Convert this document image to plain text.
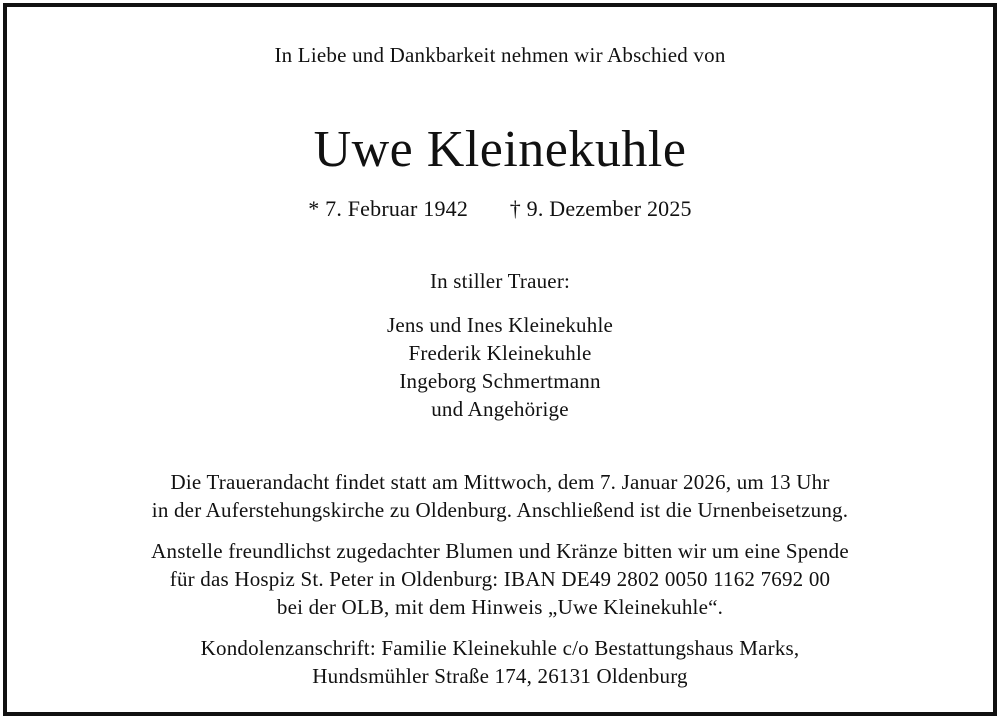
In Liebe und Dankbarkeit nehmen wir Abschied von
Uwe Kleinekuhle
* 7. Februar 1942 † 9. Dezember 2025
In stiller Trauer:
Jens und Ines Kleinekuhle
Frederik Kleinekuhle
Ingeborg Schmertmann
und Angehörige
Die Trauerandacht findet statt am Mittwoch, dem 7. Januar 2026, um 13 Uhr
in der Auferstehungskirche zu Oldenburg. Anschließend ist die Urnenbeisetzung.
Anstelle freundlichst zugedachter Blumen und Kränze bitten wir um eine Spende
für das Hospiz St. Peter in Oldenburg: IBAN DE49 2802 0050 1162 7692 00
bei der OLB, mit dem Hinweis „Uwe Kleinekuhle“.
Kondolenzanschrift: Familie Kleinekuhle c/o Bestattungshaus Marks,
Hundsmühler Straße 174, 26131 Oldenburg
